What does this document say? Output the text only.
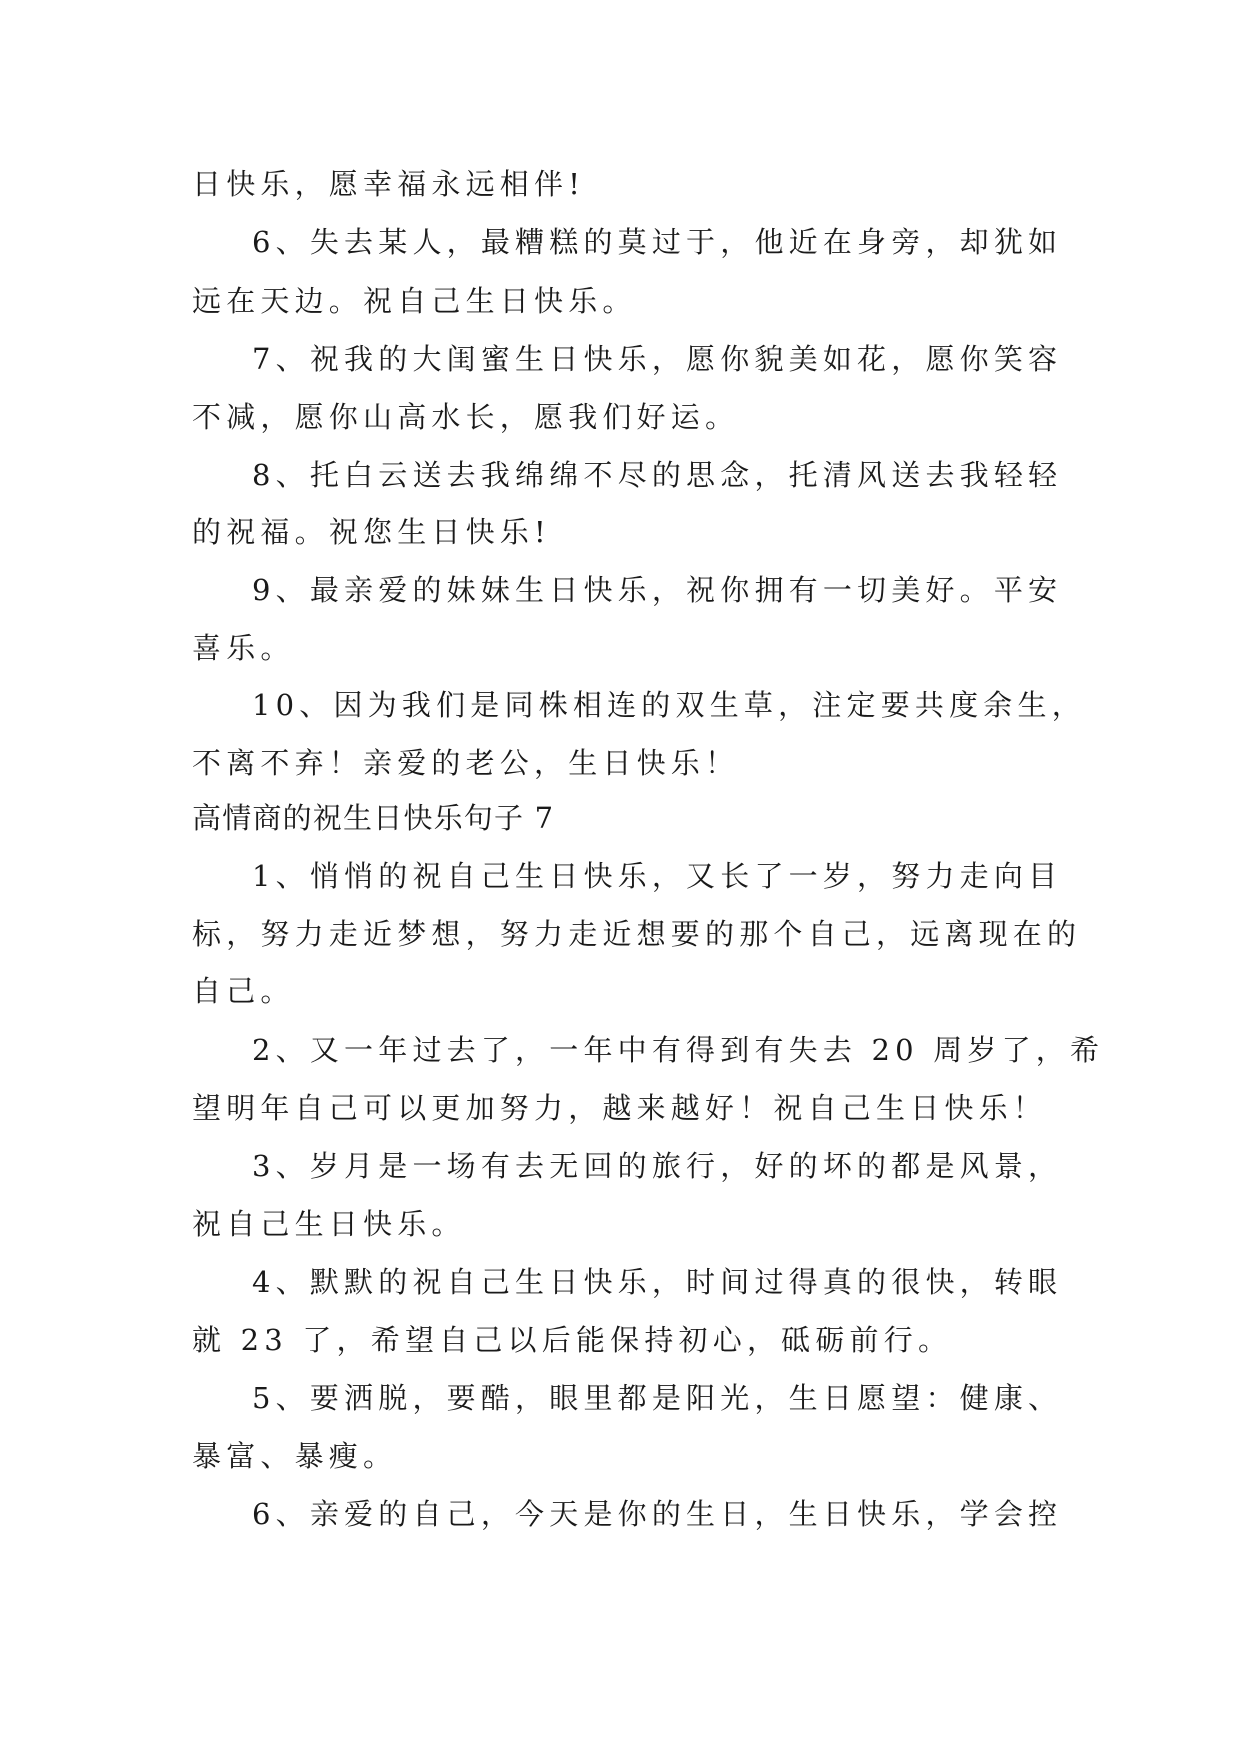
日快乐，愿幸福永远相伴!
6、失去某人，最糟糕的莫过于，他近在身旁，却犹如
远在天边。祝自己生日快乐。
7、祝我的大闺蜜生日快乐，愿你貌美如花，愿你笑容
不减，愿你山高水长，愿我们好运。
8、托白云送去我绵绵不尽的思念，托清风送去我轻轻
的祝福。祝您生日快乐!
9、最亲爱的妹妹生日快乐，祝你拥有一切美好。平安
喜乐。
10、因为我们是同株相连的双生草，注定要共度余生，
不离不弃！亲爱的老公，生日快乐！
高情商的祝生日快乐句子 7
1、悄悄的祝自己生日快乐，又长了一岁，努力走向目
标，努力走近梦想，努力走近想要的那个自己，远离现在的
自己。
2、又一年过去了，一年中有得到有失去 20 周岁了，希
望明年自己可以更加努力，越来越好！祝自己生日快乐！
3、岁月是一场有去无回的旅行，好的坏的都是风景，
祝自己生日快乐。
4、默默的祝自己生日快乐，时间过得真的很快，转眼
就 23 了，希望自己以后能保持初心，砥砺前行。
5、要洒脱，要酷，眼里都是阳光，生日愿望：健康、
暴富、暴瘦。
6、亲爱的自己，今天是你的生日，生日快乐，学会控
